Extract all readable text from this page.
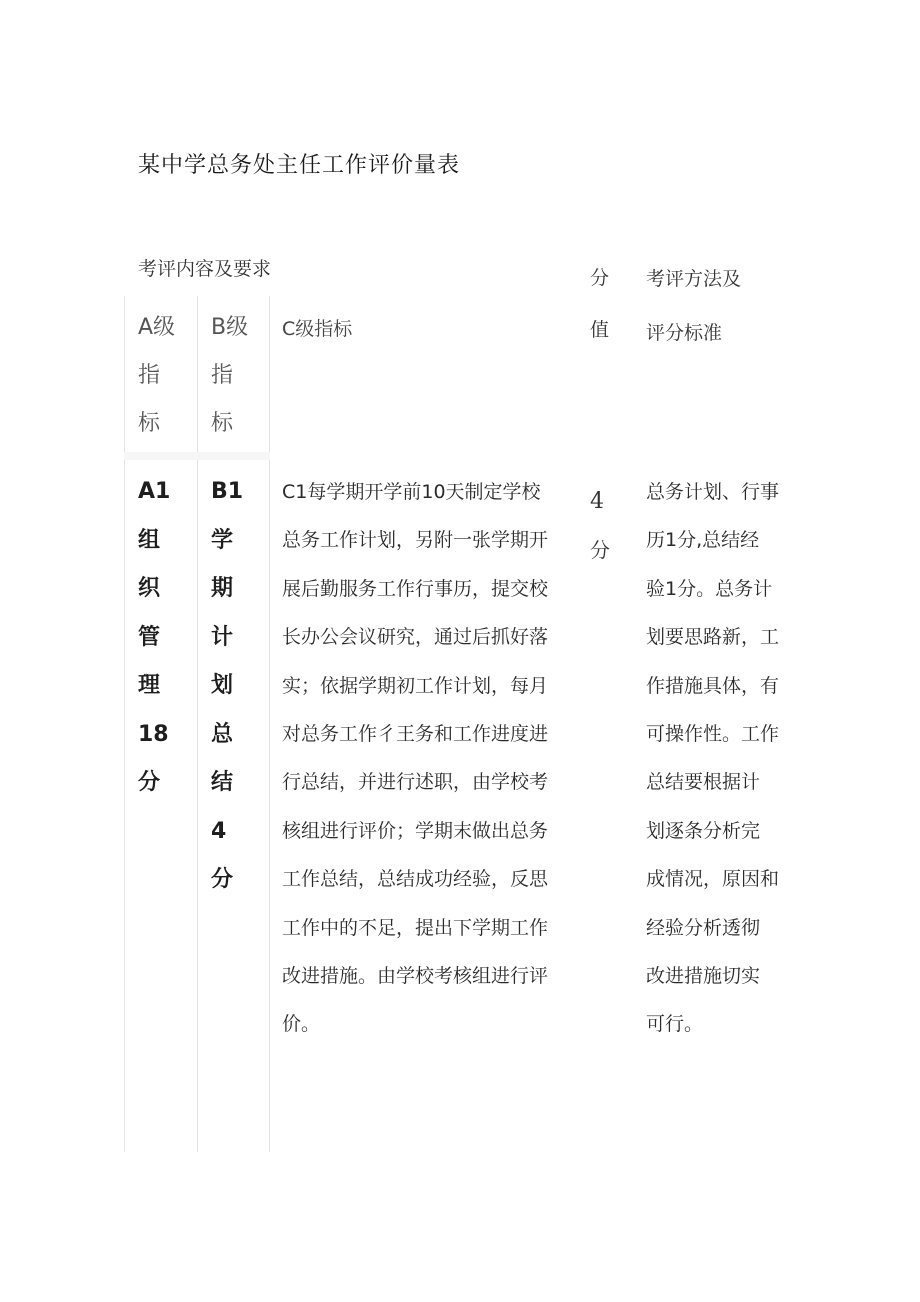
某中学总务处主任工作评价量表
考评内容及要求	分
值
考评方法及
评分标准
A级
指
标
B级
指
标
C级指标
A1
组
织
管
理
18
分
B1
学
期
计
划
总
结
4
分
C1每学期开学前10天制定学校
总务工作计划，另附一张学期开
展后勤服务工作行事历，提交校
长办公会议研究，通过后抓好落
实；依据学期初工作计划，每月
对总务工作彳王务和工作进度进
行总结，并进行述职，由学校考
核组进行评价；学期末做出总务
工作总结，总结成功经验，反思
工作中的不足，提出下学期工作
改进措施。由学校考核组进行评
价。
4
分
总务计划、行事
历1分,总结经
验1分。总务计
划要思路新，工
作措施具体，有
可操作性。工作
总结要根据计
划逐条分析完
成情况，原因和
经验分析透彻
改进措施切实
可行。
